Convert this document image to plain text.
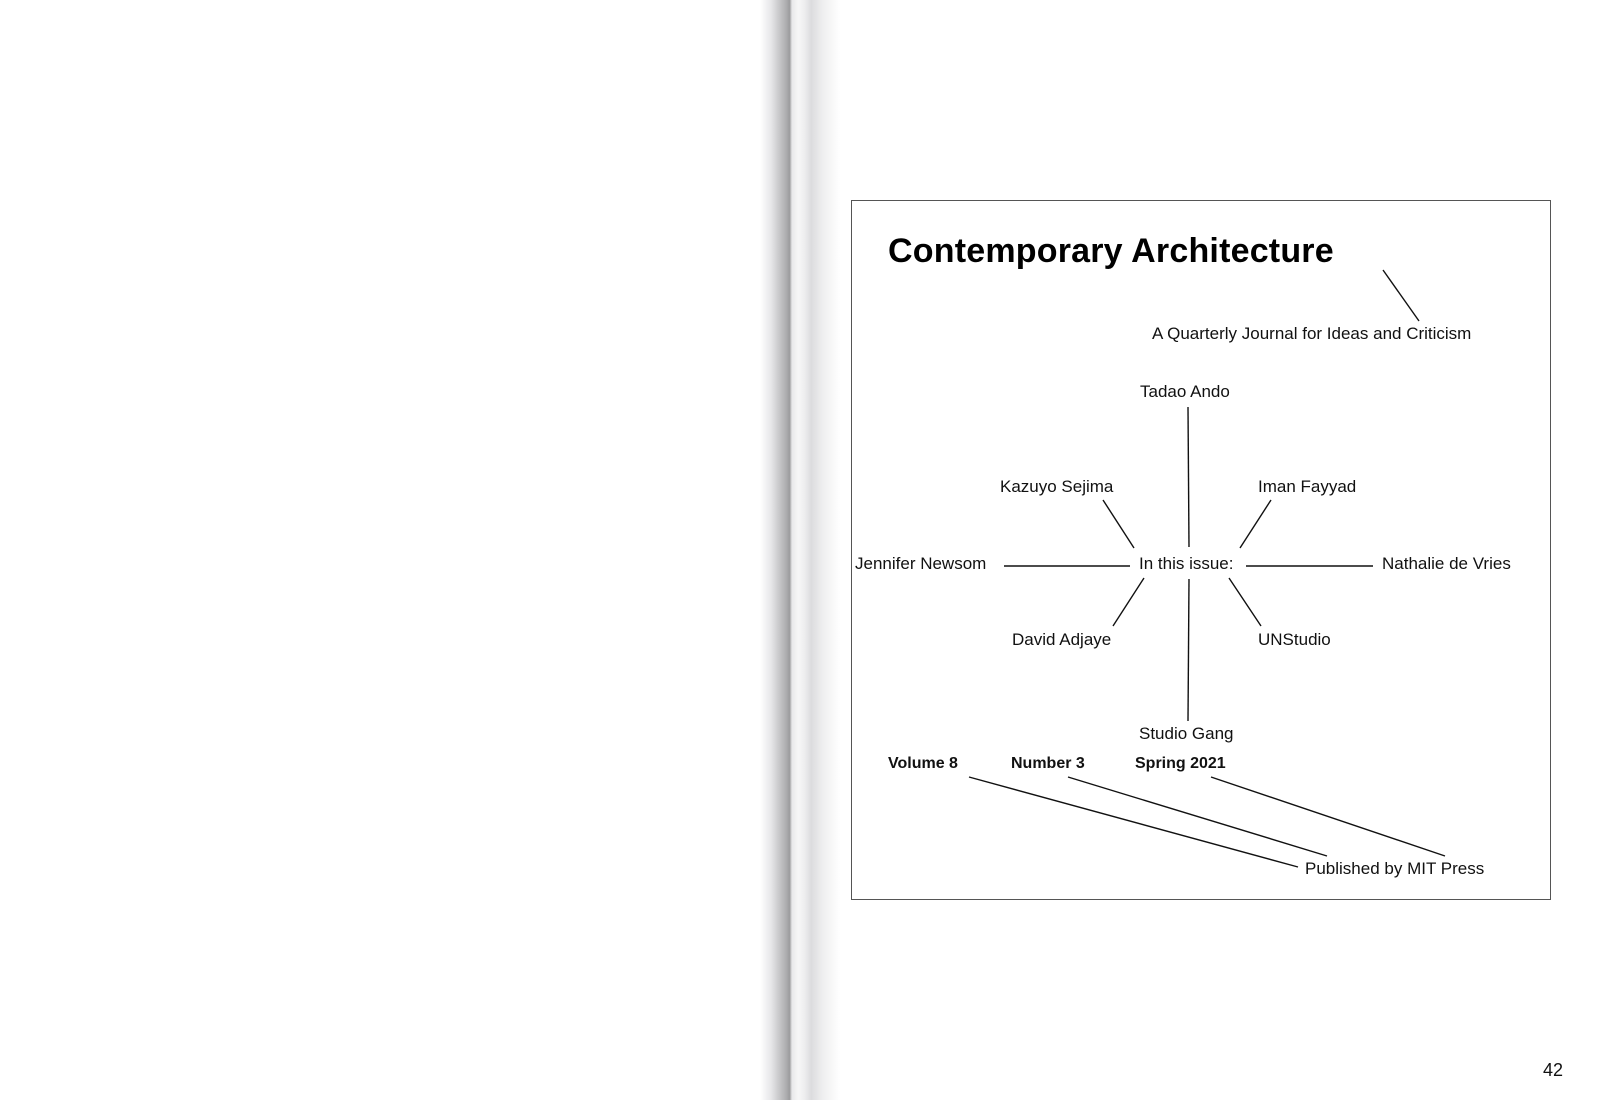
Contemporary Architecture
A Quarterly Journal for Ideas and Criticism
Tadao Ando
Kazuyo Sejima	Iman Fayyad
Jennifer Newsom	In this issue:	Nathalie de Vries
David Adjaye	UNStudio
Studio Gang
Volume 8	Number 3	Spring 2021
Published by MIT Press
42
